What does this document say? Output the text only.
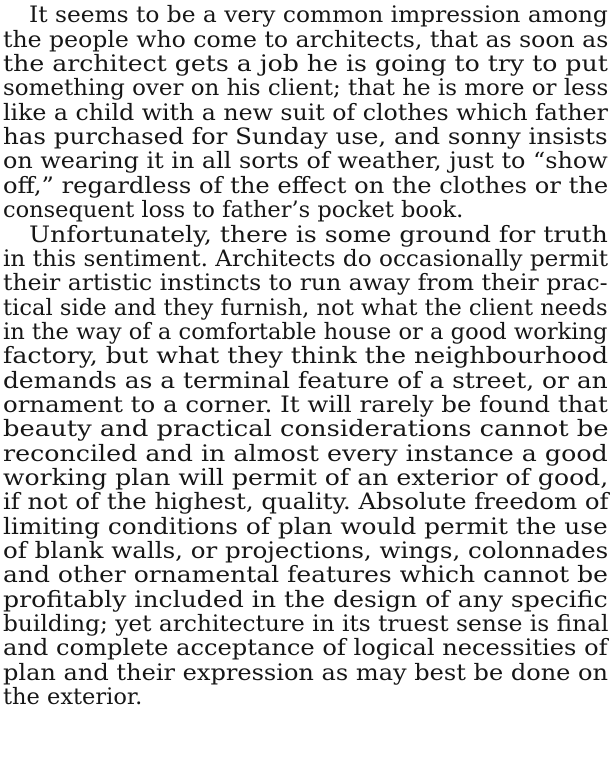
It seems to be a very common impression among
the people who come to architects, that as soon as
the architect gets a job he is going to try to put
something over on his client; that he is more or less
like a child with a new suit of clothes which father
has purchased for Sunday use, and sonny insists
on wearing it in all sorts of weather, just to “show
off,” regardless of the effect on the clothes or the
consequent loss to father’s pocket book.
Unfortunately, there is some ground for truth
in this sentiment. Architects do occasionally permit
their artistic instincts to run away from their prac-
tical side and they furnish, not what the client needs
in the way of a comfortable house or a good working
factory, but what they think the neighbourhood
demands as a terminal feature of a street, or an
ornament to a corner. It will rarely be found that
beauty and practical considerations cannot be
reconciled and in almost every instance a good
working plan will permit of an exterior of good,
if not of the highest, quality. Absolute freedom of
limiting conditions of plan would permit the use
of blank walls, or projections, wings, colonnades
and other ornamental features which cannot be
profitably included in the design of any specific
building; yet architecture in its truest sense is final
and complete acceptance of logical necessities of
plan and their expression as may best be done on
the exterior.
